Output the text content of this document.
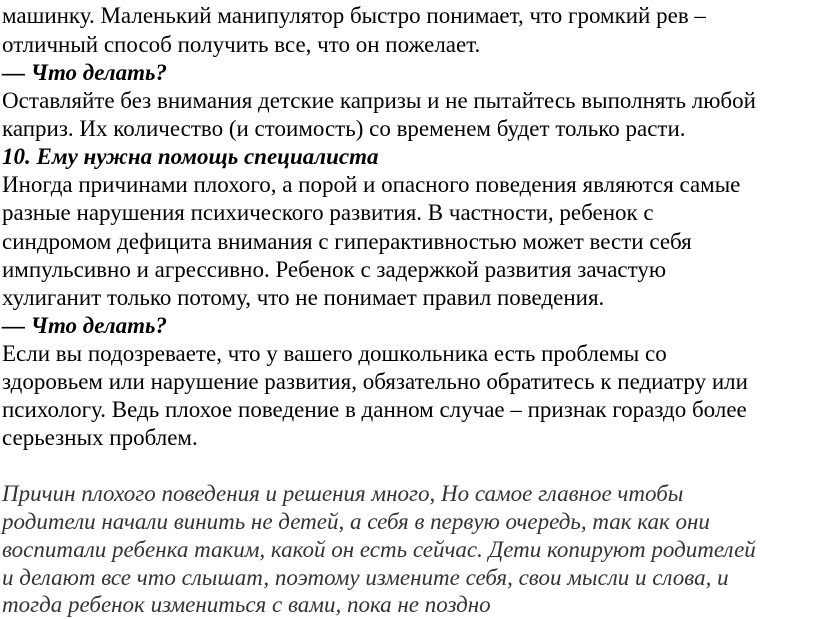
машинку. Маленький манипулятор быстро понимает, что громкий рев –
отличный способ получить все, что он пожелает.
— Что делать?
Оставляйте без внимания детские капризы и не пытайтесь выполнять любой
каприз. Их количество (и стоимость) со временем будет только расти.
10. Ему нужна помощь специалиста
Иногда причинами плохого, а порой и опасного поведения являются самые
разные нарушения психического развития. В частности, ребенок с
синдромом дефицита внимания с гиперактивностью может вести себя
импульсивно и агрессивно. Ребенок с задержкой развития зачастую
хулиганит только потому, что не понимает правил поведения.
— Что делать?
Если вы подозреваете, что у вашего дошкольника есть проблемы со
здоровьем или нарушение развития, обязательно обратитесь к педиатру или
психологу. Ведь плохое поведение в данном случае – признак гораздо более
серьезных проблем.
Причин плохого поведения и решения много, Но самое главное чтобы
родители начали винить не детей, а себя в первую очередь, так как они
воспитали ребенка таким, какой он есть сейчас. Дети копируют родителей
и делают все что слышат, поэтому измените себя, свои мысли и слова, и
тогда ребенок измениться с вами, пока не поздно
